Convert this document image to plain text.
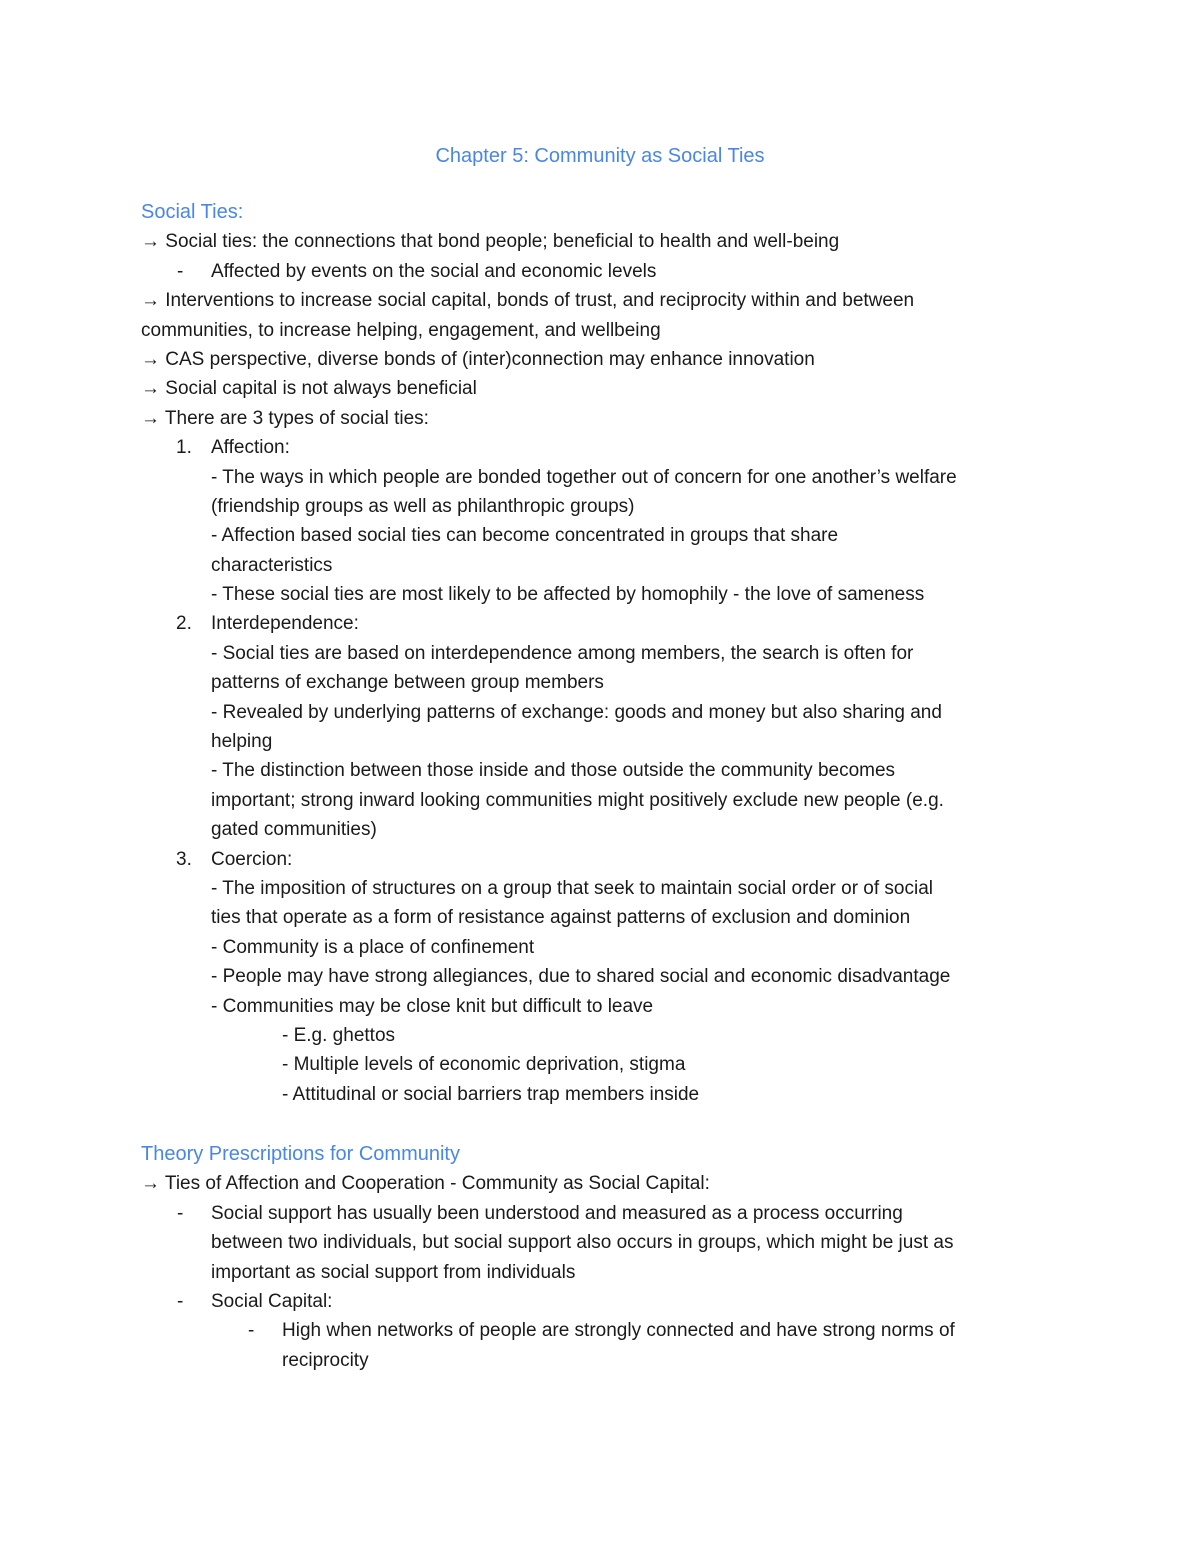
Chapter 5: Community as Social Ties
Social Ties:
→ Social ties: the connections that bond people; beneficial to health and well-being
- Affected by events on the social and economic levels
→ Interventions to increase social capital, bonds of trust, and reciprocity within and between
communities, to increase helping, engagement, and wellbeing
→ CAS perspective, diverse bonds of (inter)connection may enhance innovation
→ Social capital is not always beneficial
→ There are 3 types of social ties:
1. Affection:
- The ways in which people are bonded together out of concern for one another’s welfare
(friendship groups as well as philanthropic groups)
- Affection based social ties can become concentrated in groups that share
characteristics
- These social ties are most likely to be affected by homophily - the love of sameness
2. Interdependence:
- Social ties are based on interdependence among members, the search is often for
patterns of exchange between group members
- Revealed by underlying patterns of exchange: goods and money but also sharing and
helping
- The distinction between those inside and those outside the community becomes
important; strong inward looking communities might positively exclude new people (e.g.
gated communities)
3. Coercion:
- The imposition of structures on a group that seek to maintain social order or of social
ties that operate as a form of resistance against patterns of exclusion and dominion
- Community is a place of confinement
- People may have strong allegiances, due to shared social and economic disadvantage
- Communities may be close knit but difficult to leave
- E.g. ghettos
- Multiple levels of economic deprivation, stigma
- Attitudinal or social barriers trap members inside
Theory Prescriptions for Community
→ Ties of Affection and Cooperation - Community as Social Capital:
- Social support has usually been understood and measured as a process occurring
between two individuals, but social support also occurs in groups, which might be just as
important as social support from individuals
- Social Capital:
- High when networks of people are strongly connected and have strong norms of
reciprocity
